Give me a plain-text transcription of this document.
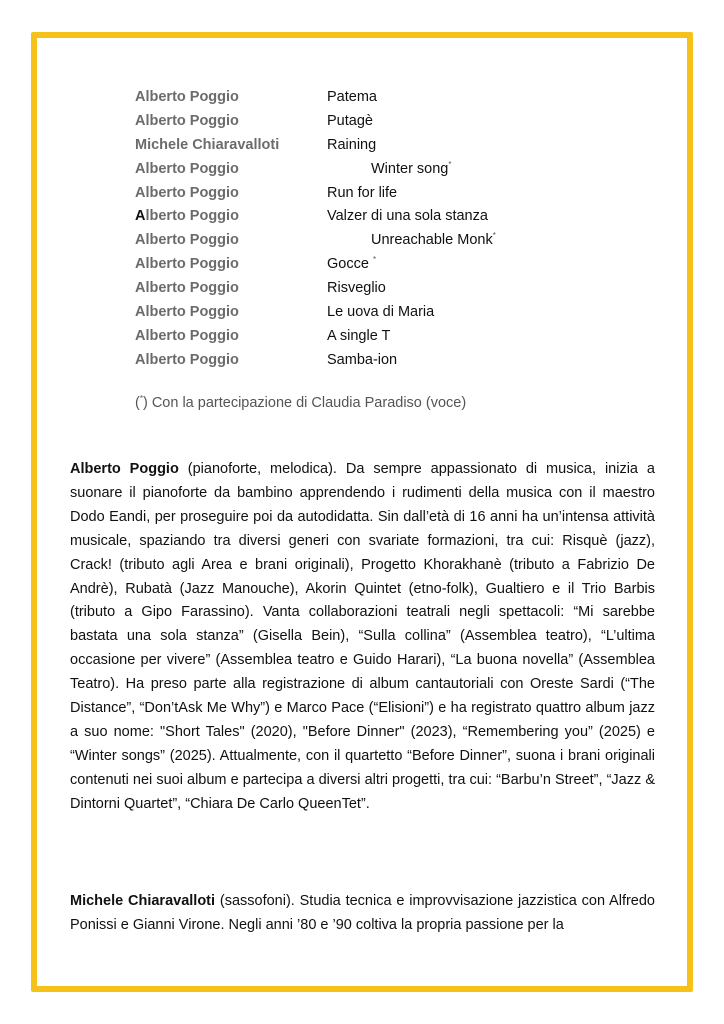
Alberto Poggio	Patema
Alberto Poggio	Putagè
Michele Chiaravalloti	Raining
Alberto Poggio	Winter song*
Alberto Poggio	Run for life
Alberto Poggio	Valzer di una sola stanza
Alberto Poggio	Unreachable Monk*
Alberto Poggio	Gocce *
Alberto Poggio	Risveglio
Alberto Poggio	Le uova di Maria
Alberto Poggio	A single T
Alberto Poggio	Samba-ion
(*) Con la partecipazione di Claudia Paradiso (voce)

Alberto Poggio (pianoforte, melodica). Da sempre appassionato di musica, inizia a suonare il pianoforte da bambino apprendendo i rudimenti della musica con il maestro Dodo Eandi, per proseguire poi da autodidatta. Sin dall’età di 16 anni ha un’intensa attività musicale, spaziando tra diversi generi con svariate formazioni, tra cui: Risquè (jazz), Crack! (tributo agli Area e brani originali), Progetto Khorakhanè (tributo a Fabrizio De Andrè), Rubatà (Jazz Manouche), Akorin Quintet (etno-folk), Gualtiero e il Trio Barbis (tributo a Gipo Farassino). Vanta collaborazioni teatrali negli spettacoli: “Mi sarebbe bastata una sola stanza” (Gisella Bein), “Sulla collina” (Assemblea teatro), “L’ultima occasione per vivere” (Assemblea teatro e Guido Harari), “La buona novella” (Assemblea Teatro). Ha preso parte alla registrazione di album cantautoriali con Oreste Sardi (“The Distance”, “Don’tAsk Me Why”) e Marco Pace (“Elisioni”) e ha registrato quattro album jazz a suo nome: "Short Tales" (2020), "Before Dinner" (2023), “Remembering you” (2025) e “Winter songs” (2025). Attualmente, con il quartetto “Before Dinner”, suona i brani originali contenuti nei suoi album e partecipa a diversi altri progetti, tra cui: “Barbu’n Street”, “Jazz & Dintorni Quartet”, “Chiara De Carlo QueenTet”.

Michele Chiaravalloti (sassofoni). Studia tecnica e improvvisazione jazzistica con Alfredo Ponissi e Gianni Virone. Negli anni ’80 e ’90 coltiva la propria passione per la
